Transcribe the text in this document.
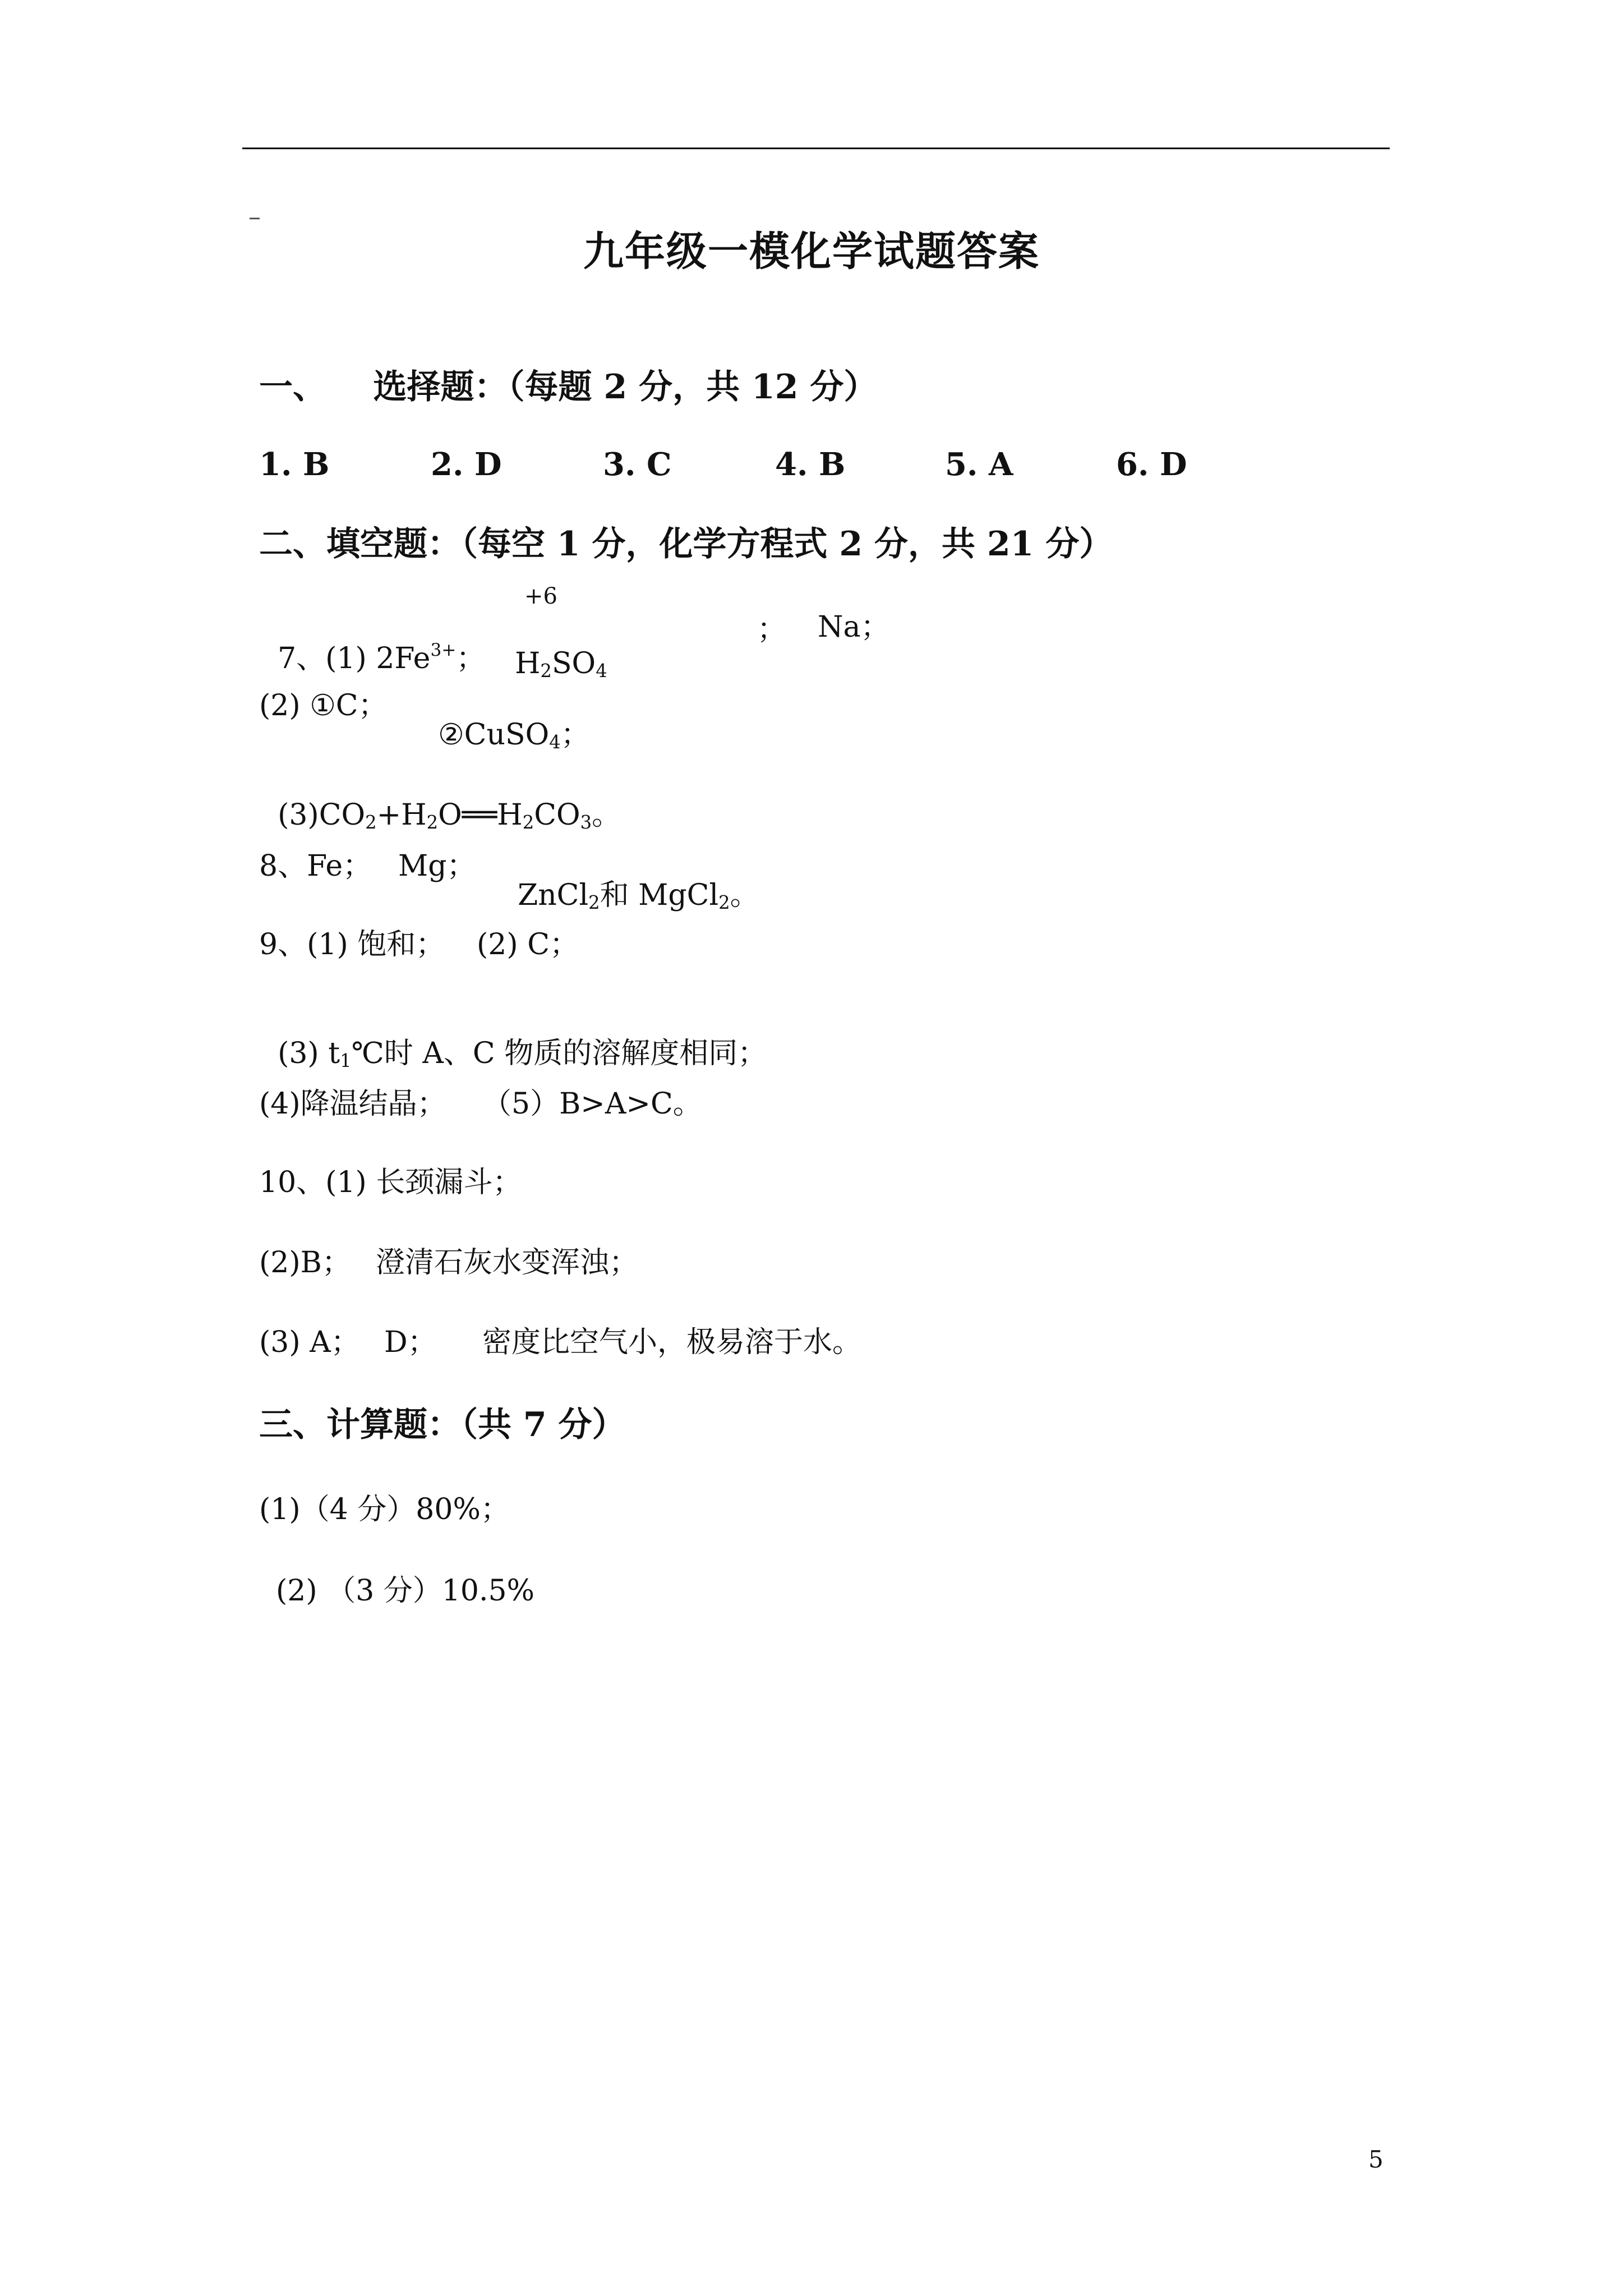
九年级一模化学试题答案
一、    选择题：（每题 2 分，共 12 分）
1. B	2. D	3. C	4. B	5. A	6. D
二、填空题：（每空 1 分，化学方程式 2 分，共 21 分）

7、(1) $2Fe^{3+}$；

+6

$H_2SO_4$

； Na；
(2) ①C；

②CuSO$_4$；

$(3)CO_2+H_2O══H_2CO_3$。

8、Fe； Mg；

ZnCl$_2$和 MgCl$_2$。

9、(1) 饱和； (2) C；

(3) $t_1℃$时 A、C 物质的溶解度相同；

(4)降温结晶； （5）B>A>C。
10、(1) 长颈漏斗；
(2)B； 澄清石灰水变浑浊；
(3) A； D； 密度比空气小，极易溶于水。
三、计算题：（共 7 分）
(1)（4 分）80%；
(2) （3 分）10.5%
5
